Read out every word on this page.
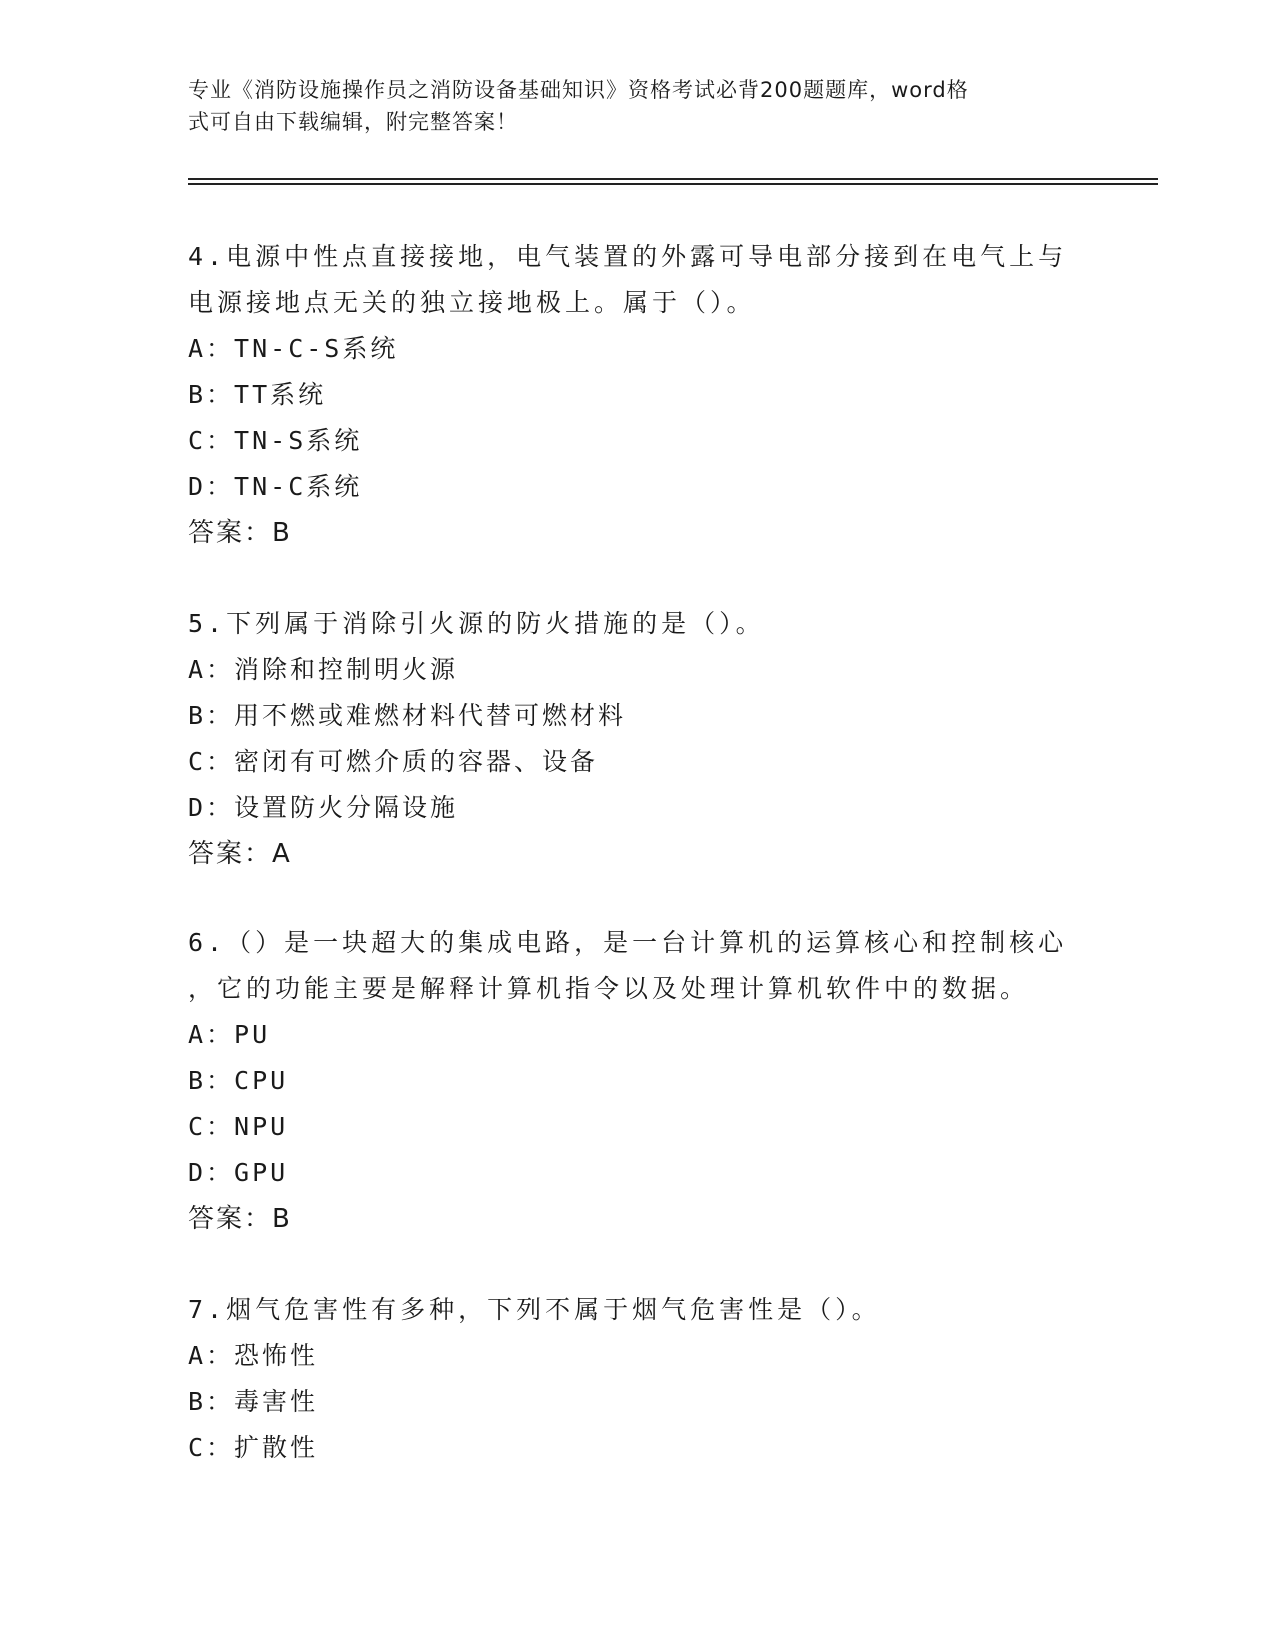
专业《消防设施操作员之消防设备基础知识》资格考试必背200题题库，word格
式可自由下载编辑，附完整答案！

4.电源中性点直接接地，电气装置的外露可导电部分接到在电气上与

电源接地点无关的独立接地极上。属于（）。

A：TN-C-S系统

B：TT系统

C：TN-S系统

D：TN-C系统

答案：B

5.下列属于消除引火源的防火措施的是（）。

A：消除和控制明火源

B：用不燃或难燃材料代替可燃材料

C：密闭有可燃介质的容器、设备

D：设置防火分隔设施

答案：A

6.（）是一块超大的集成电路，是一台计算机的运算核心和控制核心

，它的功能主要是解释计算机指令以及处理计算机软件中的数据。

A：PU

B：CPU

C：NPU

D：GPU

答案：B

7.烟气危害性有多种，下列不属于烟气危害性是（）。

A：恐怖性

B：毒害性

C：扩散性
